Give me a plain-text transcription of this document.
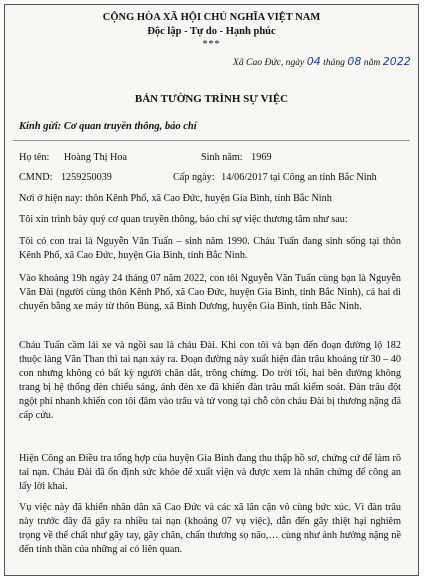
CỘNG HÒA XÃ HỘI CHỦ NGHĨA VIỆT NAM
Độc lập - Tự do - Hạnh phúc
***
Xã Cao Đức, ngày 04 tháng 08 năm 2022
BẢN TƯỜNG TRÌNH SỰ VIỆC
Kính gửi: Cơ quan truyền thông, báo chí
Họ tên: Hoàng Thị Hoa	Sinh năm: 1969
CMND: 1259250039	Cấp ngày: 14/06/2017 tại Công an tỉnh Bắc Ninh
Nơi ở hiện nay: thôn Kênh Phố, xã Cao Đức, huyện Gia Bình, tỉnh Bắc Ninh
Tôi xin trình bày quý cơ quan truyền thông, báo chí sự việc thương tâm như sau:
Tôi có con trai là Nguyễn Văn Tuấn – sinh năm 1990. Cháu Tuấn đang sinh sống tại thôn Kênh Phố, xã Cao Đức, huyện Gia Bình, tỉnh Bắc Ninh.
Vào khoảng 19h ngày 24 tháng 07 năm 2022, con tôi Nguyễn Văn Tuấn cùng bạn là Nguyễn Văn Đài (người cùng thôn Kênh Phố, xã Cao Đức, huyện Gia Bình, tỉnh Bắc Ninh), cả hai di chuyển bằng xe máy từ thôn Bùng, xã Bình Dương, huyện Gia Bình, tỉnh Bắc Ninh.
Cháu Tuấn cầm lái xe và ngồi sau là cháu Đài. Khi con tôi và bạn đến đoạn đường lộ 182 thuộc làng Văn Than thì tai nạn xảy ra. Đoạn đường này xuất hiện đàn trâu khoảng từ 30 – 40 con nhưng không có bất kỳ người chăn dắt, trông chừng. Do trời tối, hai bên đường không trang bị hệ thống đèn chiếu sáng, ánh đèn xe đã khiến đàn trâu mất kiểm soát. Đàn trâu đột ngột phi nhanh khiến con tôi đâm vào trâu và tử vong tại chỗ còn cháu Đài bị thương nặng đã cấp cứu.
Hiện Công an Điều tra tổng hợp của huyện Gia Bình đang thu thập hồ sơ, chứng cứ để làm rõ tai nạn. Cháu Đài đã ổn định sức khỏe để xuất viện và được xem là nhân chứng để công an lấy lời khai.
Vụ việc này đã khiến nhân dân xã Cao Đức và các xã lân cận vô cùng bức xúc. Vì đàn trâu này trước đây đã gây ra nhiều tai nạn (khoảng 07 vụ việc), dẫn đến gây thiệt hại nghiêm trọng về thể chất như gãy tay, gãy chân, chấn thương sọ não,… cùng như ảnh hưởng nặng nề đến tinh thần của những ai có liên quan.
